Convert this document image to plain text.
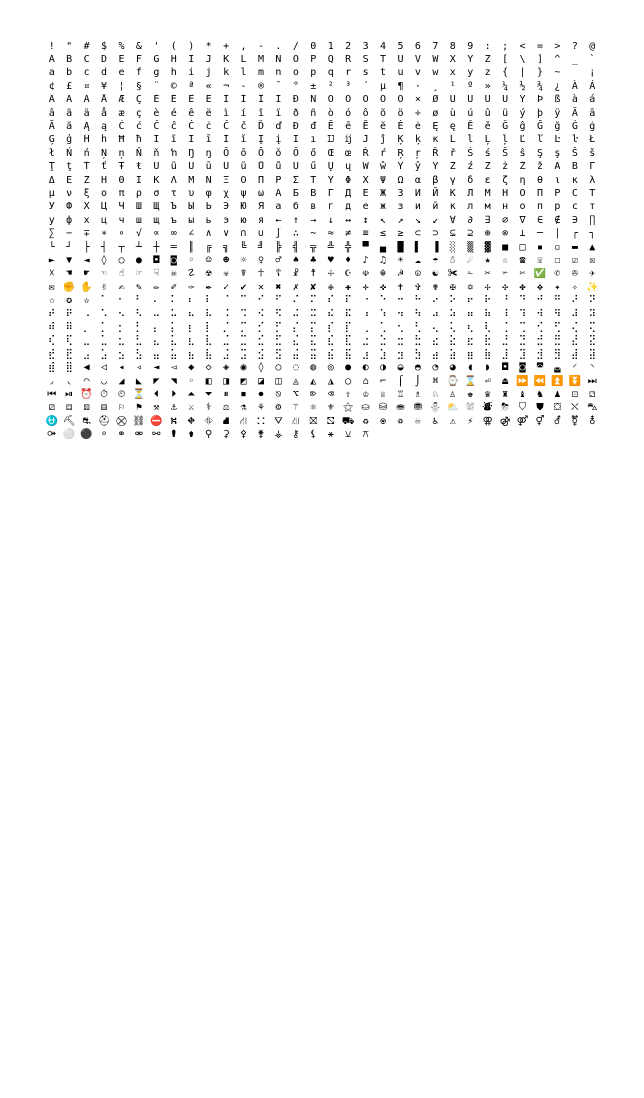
!	"	#	$	%	&	'	(	)	*	+	,	-	.	/	0	1	2	3	4	5	6	7	8	9	:	;	<	=	>	?	@
A	B	C	D	E	F	G	H	I	J	K	L	M	N	O	P	Q	R	S	T	U	V	W	X	Y	Z	[	\	]	^	_	`
a	b	c	d	e	f	g	h	i	j	k	l	m	n	o	p	q	r	s	t	u	v	w	x	y	z	{	|	}	~	¡
¢	£	¤	¥	¦	§	¨	©	ª	«	¬	-	®	¯	°	±	²	³	´	µ	¶	·	¸	¹	º	»	¼	½	¾	¿	À	Á
Â	Ã	Ä	Å	Æ	Ç	È	É	Ê	Ë	Ì	Í	Î	Ï	Ð	Ñ	Ò	Ó	Ô	Õ	Ö	×	Ø	Ù	Ú	Û	Ü	Ý	Þ	ß	à	á
â	ã	ä	å	æ	ç	è	é	ê	ë	ì	í	î	ï	ð	ñ	ò	ó	ô	õ	ö	÷	ø	ù	ú	û	ü	ý	þ	ÿ	Ā	ā
Ă	ă	Ą	ą	Ć	ć	Ĉ	ĉ	Ċ	ċ	Č	č	Ď	ď	Đ	đ	Ē	ē	Ĕ	ĕ	Ė	ė	Ę	ę	Ě	ě	Ĝ	ĝ	Ğ	ğ	Ġ	ġ
Ģ	ģ	Ĥ	ĥ	Ħ	ħ	Ĩ	ĩ	Ī	ī	Ĭ	ĭ	Į	į	İ	ı	Ĳ	ĳ	Ĵ	ĵ	Ķ	ķ	ĸ	Ĺ	ĺ	Ļ	ļ	Ľ	ľ	Ŀ	ŀ	Ł
ł	Ń	ń	Ņ	ņ	Ň	ň	ŉ	Ŋ	ŋ	Ō	ō	Ŏ	ŏ	Ő	ő	Œ	œ	Ŕ	ŕ	Ŗ	ŗ	Ř	ř	Ś	ś	Ŝ	ŝ	Ş	ş	Š	š
Ţ	ţ	Ť	ť	Ŧ	ŧ	Ũ	ũ	Ū	ū	Ŭ	ŭ	Ů	ů	Ű	ű	Ų	ų	Ŵ	ŵ	Ŷ	ŷ	Ÿ	Ź	ź	Ż	ż	Ž	ž	Α	Β	Γ
Δ	Ε	Ζ	Η	Θ	Ι	Κ	Λ	Μ	Ν	Ξ	Ο	Π	Ρ	Σ	Τ	Υ	Φ	Χ	Ψ	Ω	α	β	γ	δ	ε	ζ	η	θ	ι	κ	λ
μ	ν	ξ	ο	π	ρ	σ	τ	υ	φ	χ	ψ	ω	А	Б	В	Г	Д	Е	Ж	З	И	Й	К	Л	М	Н	О	П	Р	С	Т
У	Ф	Х	Ц	Ч	Ш	Щ	Ъ	Ы	Ь	Э	Ю	Я	а	б	в	г	д	е	ж	з	и	й	к	л	м	н	о	п	р	с	т
у	ф	х	ц	ч	ш	щ	ъ	ы	ь	э	ю	я	←	↑	→	↓	↔	↕	↖	↗	↘	↙	∀	∂	∃	∅	∇	∈	∉	∋	∏
∑	−	∓	∗	∘	√	∝	∞	∠	∧	∨	∩	∪	∫	∴	∼	≈	≠	≡	≤	≥	⊂	⊃	⊆	⊇	⊕	⊗	⊥	─	│	┌	┐
└	┘	├	┤	┬	┴	┼	═	║	╔	╗	╚	╝	╠	╣	╦	╩	╬	▀	▄	█	▌	▐	░	▒	▓	■	□	▪	▫	▬	▲
►	▼	◄	◊	○	●	◘	◙	◦	☺	☻	☼	♀	♂	♠	♣	♥	♦	♪	♫	☀	☁	☂	☃	☄	★	☆	☎	☏	☐	☑	☒
☓	☚	☛	☜	☝	☞	☟	☠	☡	☢	☣	☤	☥	☦	☧	☨	☩	☪	☫	☬	☭	☮	☯ ✀ ✁	✂	✃	✄ ✅ ✆	✇	✈
✉ ✊ ✋ ✌	✍	✎	✏	✐	✑	✒	✓	✔	✕	✖	✗	✘	✙	✚	✛	✜	✝	✞	✟	✠	✡	✢	✣	✤	✥	✦	✧ ✨
✩	✪	✫	⠁	⠂	⠃	⠄	⠅	⠆	⠇	⠈	⠉	⠊	⠋	⠌	⠍	⠎	⠏	⠐	⠑	⠒	⠓	⠔	⠕	⠖	⠗	⠘	⠙	⠚	⠛	⠜	⠝
⠞	⠟	⠠	⠡	⠢	⠣	⠤	⠥	⠦	⠧	⠨	⠩	⠪	⠫	⠬	⠭	⠮	⠯	⠰	⠱	⠲	⠳	⠴	⠵	⠶	⠷	⠸	⠹	⠺	⠻	⠼	⠽
⠾	⠿	⡀	⡁	⡂	⡃	⡄	⡅	⡆	⡇	⡈	⡉	⡊	⡋	⡌	⡍	⡎	⡏	⢀	⢁	⢂	⢃	⢄	⢅	⢆	⢇	⢈	⢉	⢊	⢋	⢌	⢍
⢎	⢏	⣀	⣁	⣂	⣃	⣄	⣅	⣆	⣇	⣈	⣉	⣊	⣋	⣌	⣍	⣎	⣏	⣐	⣑	⣒	⣓	⣔	⣕	⣖	⣗	⣘	⣙	⣚	⣛	⣜	⣝
⣞	⣟	⣠	⣡	⣢	⣣	⣤	⣥	⣦	⣧	⣨	⣩	⣪	⣫	⣬	⣭	⣮	⣯	⣰	⣱	⣲	⣳	⣴	⣵	⣶	⣷	⣸	⣹	⣺	⣻	⣼	⣽
⣾	⣿	◀	◁	◂	◃	◄	◅	◆	◇	◈	◉	◊	○	◌	◍	◎	●	◐	◑	◒	◓	◔	◕	◖	◗	◘	◙	◚	◛	◜	◝
◞	◟	◠	◡	◢	◣	◤	◥	◦	◧	◨	◩	◪	◫	◬	◭	◮	◯	⌂	⌐	⌠	⌡	⌘ ⌚ ⌛ ⏎	⏏ ⏩ ⏪ ⏫ ⏬ ⏭
⏮ ⏯ ⏰ ⏱ ⏲ ⏳ ⏴	⏵	⏶ ⏷	⏸	⏹	⏺	⎋	⌥	⌦	⌫	⇧	♔	♕	♖	♗	♘	♙	♚	♛	♜	♝	♞	♟	⚀	⚁
⚂	⚃	⚄	⚅	⚐	⚑	⚒	⚓	⚔	⚕	⚖	⚗	⚘	⚙	⚚	⚛	⚜ ⚝ ⛀ ⛁ ⛂ ⛃ ⛄ ⛅ ⛆ ⛇ ⛈ ⛉ ⛊ ⛋ ⛌ ⛍
⛎ ⛏ ⛐ ⛑ ⛒ ⛓ ⛔ ⛕ ⛖ ⛗ ⛘	⛙	⛚ ⛛ ⛜ ⛝ ⛞ ⛟ ♻	♼	♽	♾	♿	⚠	⚡ ⚢ ⚣ ⚤ ⚥ ⚦ ⚧ ⚨
⚩ ⚪ ⚫ ⚬ ⚭ ⚮ ⚯	⚰	⚱	⚲	⚳	⚴	⚵ ⚶ ⚷	⚸	⚹	⚺	⚻
